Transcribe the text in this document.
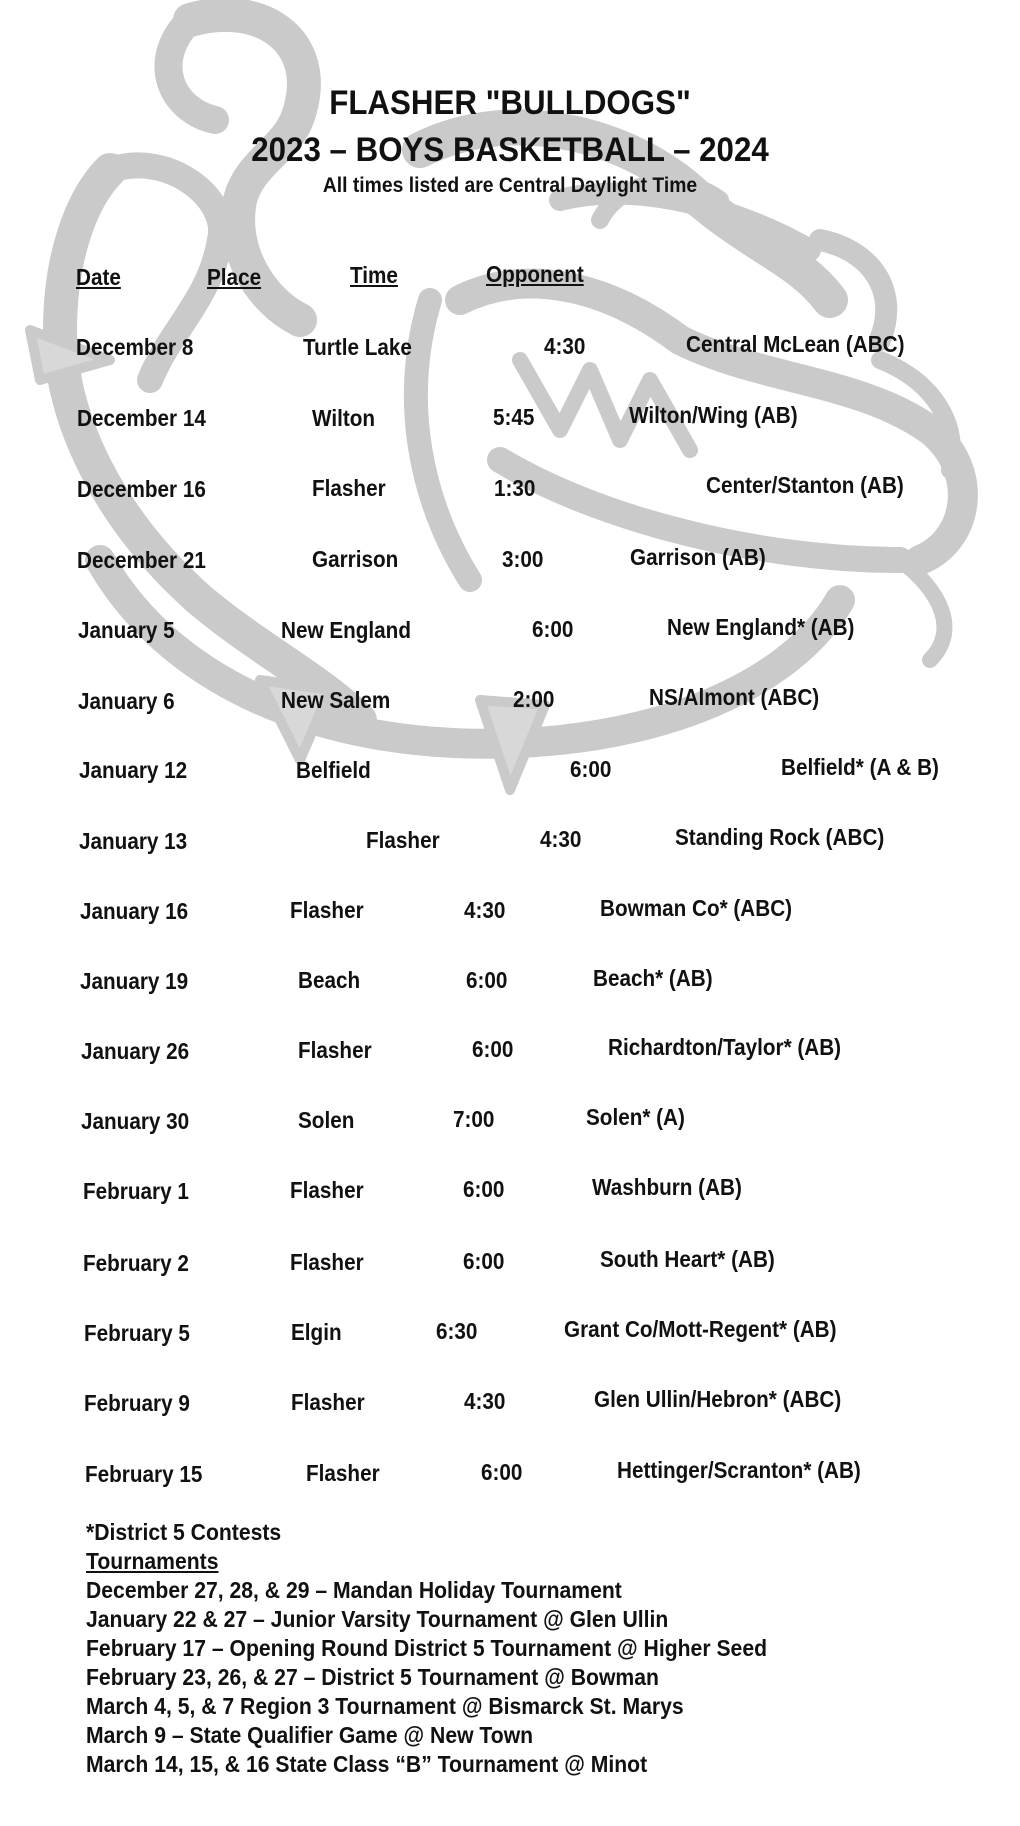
FLASHER "BULLDOGS"
2023 – BOYS BASKETBALL – 2024
All times listed are Central Daylight Time
Date	Place	Time	Opponent
December 8	Turtle Lake	4:30	Central McLean (ABC)
December 14	Wilton	5:45	Wilton/Wing (AB)
December 16	Flasher	1:30	Center/Stanton (AB)
December 21	Garrison	3:00	Garrison (AB)
January 5	New England	6:00	New England* (AB)
January 6	New Salem	2:00	NS/Almont (ABC)
January 12	Belfield	6:00	Belfield* (A & B)
January 13	Flasher	4:30	Standing Rock (ABC)
January 16	Flasher	4:30	Bowman Co* (ABC)
January 19	Beach	6:00	Beach* (AB)
January 26	Flasher	6:00	Richardton/Taylor* (AB)
January 30	Solen	7:00	Solen* (A)
February 1	Flasher	6:00	Washburn (AB)
February 2	Flasher	6:00	South Heart* (AB)
February 5	Elgin	6:30	Grant Co/Mott-Regent* (AB)
February 9	Flasher	4:30	Glen Ullin/Hebron* (ABC)
February 15	Flasher	6:00	Hettinger/Scranton* (AB)
*District 5 Contests
Tournaments
December 27, 28, & 29 – Mandan Holiday Tournament
January 22 & 27 – Junior Varsity Tournament @ Glen Ullin
February 17 – Opening Round District 5 Tournament @ Higher Seed
February 23, 26, & 27 – District 5 Tournament @ Bowman
March 4, 5, & 7 Region 3 Tournament @ Bismarck St. Marys
March 9 – State Qualifier Game @ New Town
March 14, 15, & 16 State Class “B” Tournament @ Minot
